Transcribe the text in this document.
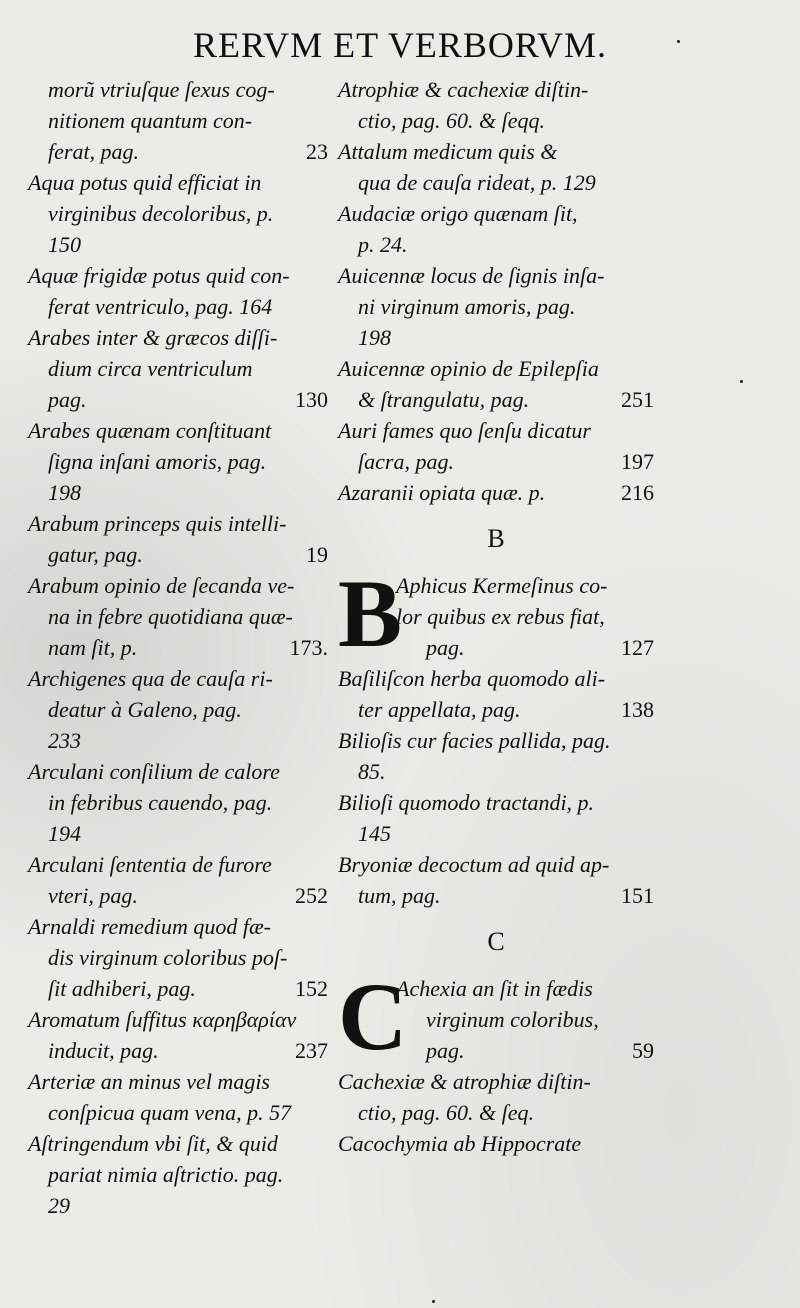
RERVM ET VERBORVM.
morũ vtriuſque ſexus cog-
nitionem quantum con-
ferat, pag.	23
Aqua potus quid efficiat in
virginibus decoloribus, p.
150
Aquæ frigidæ potus quid con-
ferat ventriculo, pag. 164
Arabes inter & græcos diſſi-
dium circa ventriculum
pag.	130
Arabes quænam conſtituant
ſigna inſani amoris, pag.
198
Arabum princeps quis intelli-
gatur, pag.	19
Arabum opinio de ſecanda ve-
na in febre quotidiana quæ-
nam ſit, p.	173.
Archigenes qua de cauſa ri-
deatur à Galeno, pag.
233
Arculani conſilium de calore
in febribus cauendo, pag.
194
Arculani ſententia de furore
vteri, pag.	252
Arnaldi remedium quod fæ-
dis virginum coloribus poſ-
ſit adhiberi, pag.	152
Aromatum ſuffitus καρηβαρίαν
inducit, pag.	237
Arteriæ an minus vel magis
conſpicua quam vena, p. 57
Aſtringendum vbi ſit, & quid
pariat nimia aſtrictio. pag.
29
Atrophiæ & cachexiæ diſtin-
ctio, pag. 60. & ſeqq.
Attalum medicum quis &
qua de cauſa rideat, p. 129
Audaciæ origo quænam ſit,
p. 24.
Auicennæ locus de ſignis inſa-
ni virginum amoris, pag.
198
Auicennæ opinio de Epilepſia
& ſtrangulatu, pag.	251
Auri fames quo ſenſu dicatur
ſacra, pag.	197
Azaranii opiata quæ. p.	216
B
B
Aphicus Kermeſinus co-
lor quibus ex rebus fiat,
pag.	127
Baſiliſcon herba quomodo ali-
ter appellata, pag.	138
Bilioſis cur facies pallida, pag.
85.
Bilioſi quomodo tractandi, p.
145
Bryoniæ decoctum ad quid ap-
tum, pag.	151
C
C
Achexia an ſit in fædis
virginum coloribus,
pag.	59
Cachexiæ & atrophiæ diſtin-
ctio, pag. 60. & ſeq.
Cacochymia ab Hippocrate
